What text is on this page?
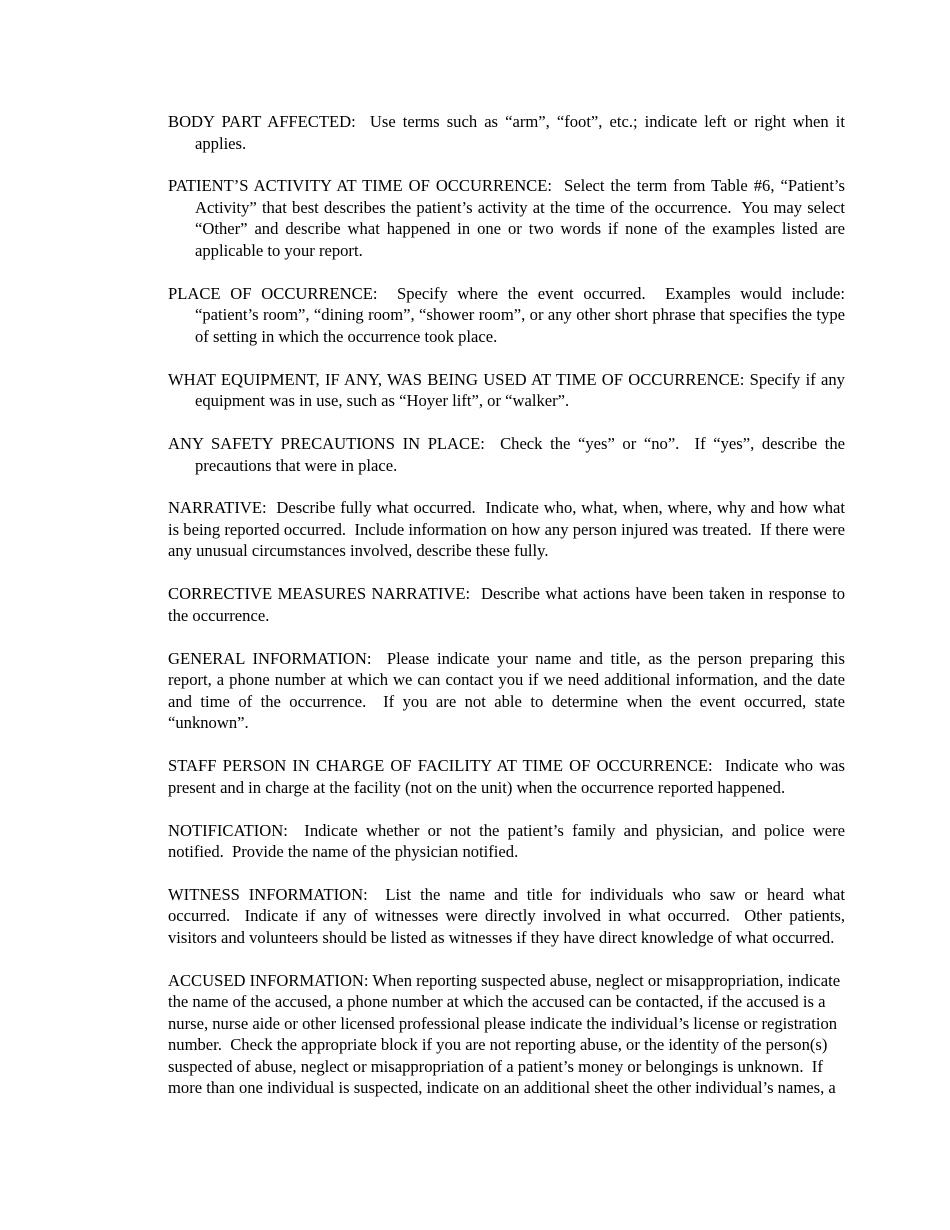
BODY PART AFFECTED:  Use terms such as “arm”, “foot”, etc.; indicate left or right when it applies.

PATIENT’S ACTIVITY AT TIME OF OCCURRENCE:  Select the term from Table #6, “Patient’s Activity” that best describes the patient’s activity at the time of the occurrence.  You may select “Other” and describe what happened in one or two words if none of the examples listed are applicable to your report.

PLACE OF OCCURRENCE:  Specify where the event occurred.  Examples would include: “patient’s room”, “dining room”, “shower room”, or any other short phrase that specifies the type of setting in which the occurrence took place.

WHAT EQUIPMENT, IF ANY, WAS BEING USED AT TIME OF OCCURRENCE: Specify if any equipment was in use, such as “Hoyer lift”, or “walker”.

ANY SAFETY PRECAUTIONS IN PLACE:  Check the “yes” or “no”.  If “yes”, describe the precautions that were in place.

NARRATIVE:  Describe fully what occurred.  Indicate who, what, when, where, why and how what is being reported occurred.  Include information on how any person injured was treated.  If there were any unusual circumstances involved, describe these fully.

CORRECTIVE MEASURES NARRATIVE:  Describe what actions have been taken in response to the occurrence.

GENERAL INFORMATION:  Please indicate your name and title, as the person preparing this report, a phone number at which we can contact you if we need additional information, and the date and time of the occurrence.  If you are not able to determine when the event occurred, state “unknown”.

STAFF PERSON IN CHARGE OF FACILITY AT TIME OF OCCURRENCE:  Indicate who was present and in charge at the facility (not on the unit) when the occurrence reported happened.

NOTIFICATION:  Indicate whether or not the patient’s family and physician, and police were notified.  Provide the name of the physician notified.

WITNESS INFORMATION:  List the name and title for individuals who saw or heard what occurred.  Indicate if any of witnesses were directly involved in what occurred.  Other patients, visitors and volunteers should be listed as witnesses if they have direct knowledge of what occurred.

ACCUSED INFORMATION: When reporting suspected abuse, neglect or misappropriation, indicate the name of the accused, a phone number at which the accused can be contacted, if the accused is a nurse, nurse aide or other licensed professional please indicate the individual’s license or registration number.  Check the appropriate block if you are not reporting abuse, or the identity of the person(s) suspected of abuse, neglect or misappropriation of a patient’s money or belongings is unknown.  If more than one individual is suspected, indicate on an additional sheet the other individual’s names, a
